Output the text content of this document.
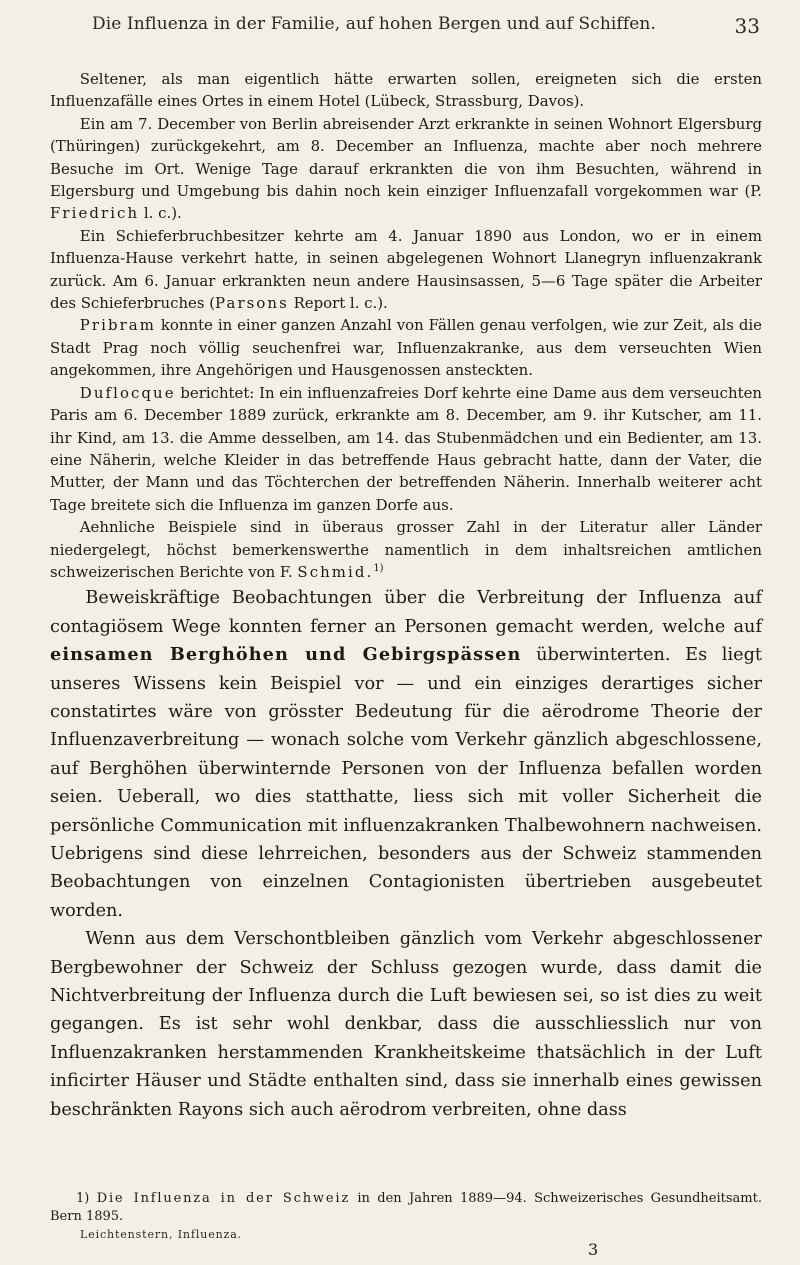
Die Influenza in der Familie, auf hohen Bergen und auf Schiffen.	33

Seltener, als man eigentlich hätte erwarten sollen, ereigneten sich die ersten Influenzafälle eines Ortes in einem Hotel (Lübeck, Strassburg, Davos).

Ein am 7. December von Berlin abreisender Arzt erkrankte in seinen Wohnort Elgersburg (Thüringen) zurückgekehrt, am 8. December an Influenza, machte aber noch mehrere Besuche im Ort. Wenige Tage darauf erkrankten die von ihm Besuchten, während in Elgersburg und Umgebung bis dahin noch kein einziger Influenzafall vorgekommen war (P. Friedrich l. c.).

Ein Schieferbruchbesitzer kehrte am 4. Januar 1890 aus London, wo er in einem Influenza-Hause verkehrt hatte, in seinen abgelegenen Wohnort Llanegryn influenzakrank zurück. Am 6. Januar erkrankten neun andere Hausinsassen, 5—6 Tage später die Arbeiter des Schieferbruches (Parsons Report l. c.).

Pribram konnte in einer ganzen Anzahl von Fällen genau verfolgen, wie zur Zeit, als die Stadt Prag noch völlig seuchenfrei war, Influenzakranke, aus dem verseuchten Wien angekommen, ihre Angehörigen und Hausgenossen ansteckten.

Duflocque berichtet: In ein influenzafreies Dorf kehrte eine Dame aus dem verseuchten Paris am 6. December 1889 zurück, erkrankte am 8. December, am 9. ihr Kutscher, am 11. ihr Kind, am 13. die Amme desselben, am 14. das Stubenmädchen und ein Bedienter, am 13. eine Näherin, welche Kleider in das betreffende Haus gebracht hatte, dann der Vater, die Mutter, der Mann und das Töchterchen der betreffenden Näherin. Innerhalb weiterer acht Tage breitete sich die Influenza im ganzen Dorfe aus.

Aehnliche Beispiele sind in überaus grosser Zahl in der Literatur aller Länder niedergelegt, höchst bemerkenswerthe namentlich in dem inhaltsreichen amtlichen schweizerischen Berichte von F. Schmid.$^{1)}$

Beweiskräftige Beobachtungen über die Verbreitung der Influenza auf contagiösem Wege konnten ferner an Personen gemacht werden, welche auf einsamen Berghöhen und Gebirgspässen überwinterten. Es liegt unseres Wissens kein Beispiel vor — und ein einziges derartiges sicher constatirtes wäre von grösster Bedeutung für die aërodrome Theorie der Influenzaverbreitung — wonach solche vom Verkehr gänzlich abgeschlossene, auf Berghöhen überwinternde Personen von der Influenza befallen worden seien. Ueberall, wo dies statthatte, liess sich mit voller Sicherheit die persönliche Communication mit influenzakranken Thalbewohnern nachweisen. Uebrigens sind diese lehrreichen, besonders aus der Schweiz stammenden Beobachtungen von einzelnen Contagionisten übertrieben ausgebeutet worden.

Wenn aus dem Verschontbleiben gänzlich vom Verkehr abgeschlossener Bergbewohner der Schweiz der Schluss gezogen wurde, dass damit die Nichtverbreitung der Influenza durch die Luft bewiesen sei, so ist dies zu weit gegangen. Es ist sehr wohl denkbar, dass die ausschliesslich nur von Influenzakranken herstammenden Krankheitskeime thatsächlich in der Luft inficirter Häuser und Städte enthalten sind, dass sie innerhalb eines gewissen beschränkten Rayons sich auch aërodrom verbreiten, ohne dass

1) Die Influenza in der Schweiz in den Jahren 1889—94. Schweizerisches Gesundheitsamt. Bern 1895.

Leichtenstern, Influenza.
3
